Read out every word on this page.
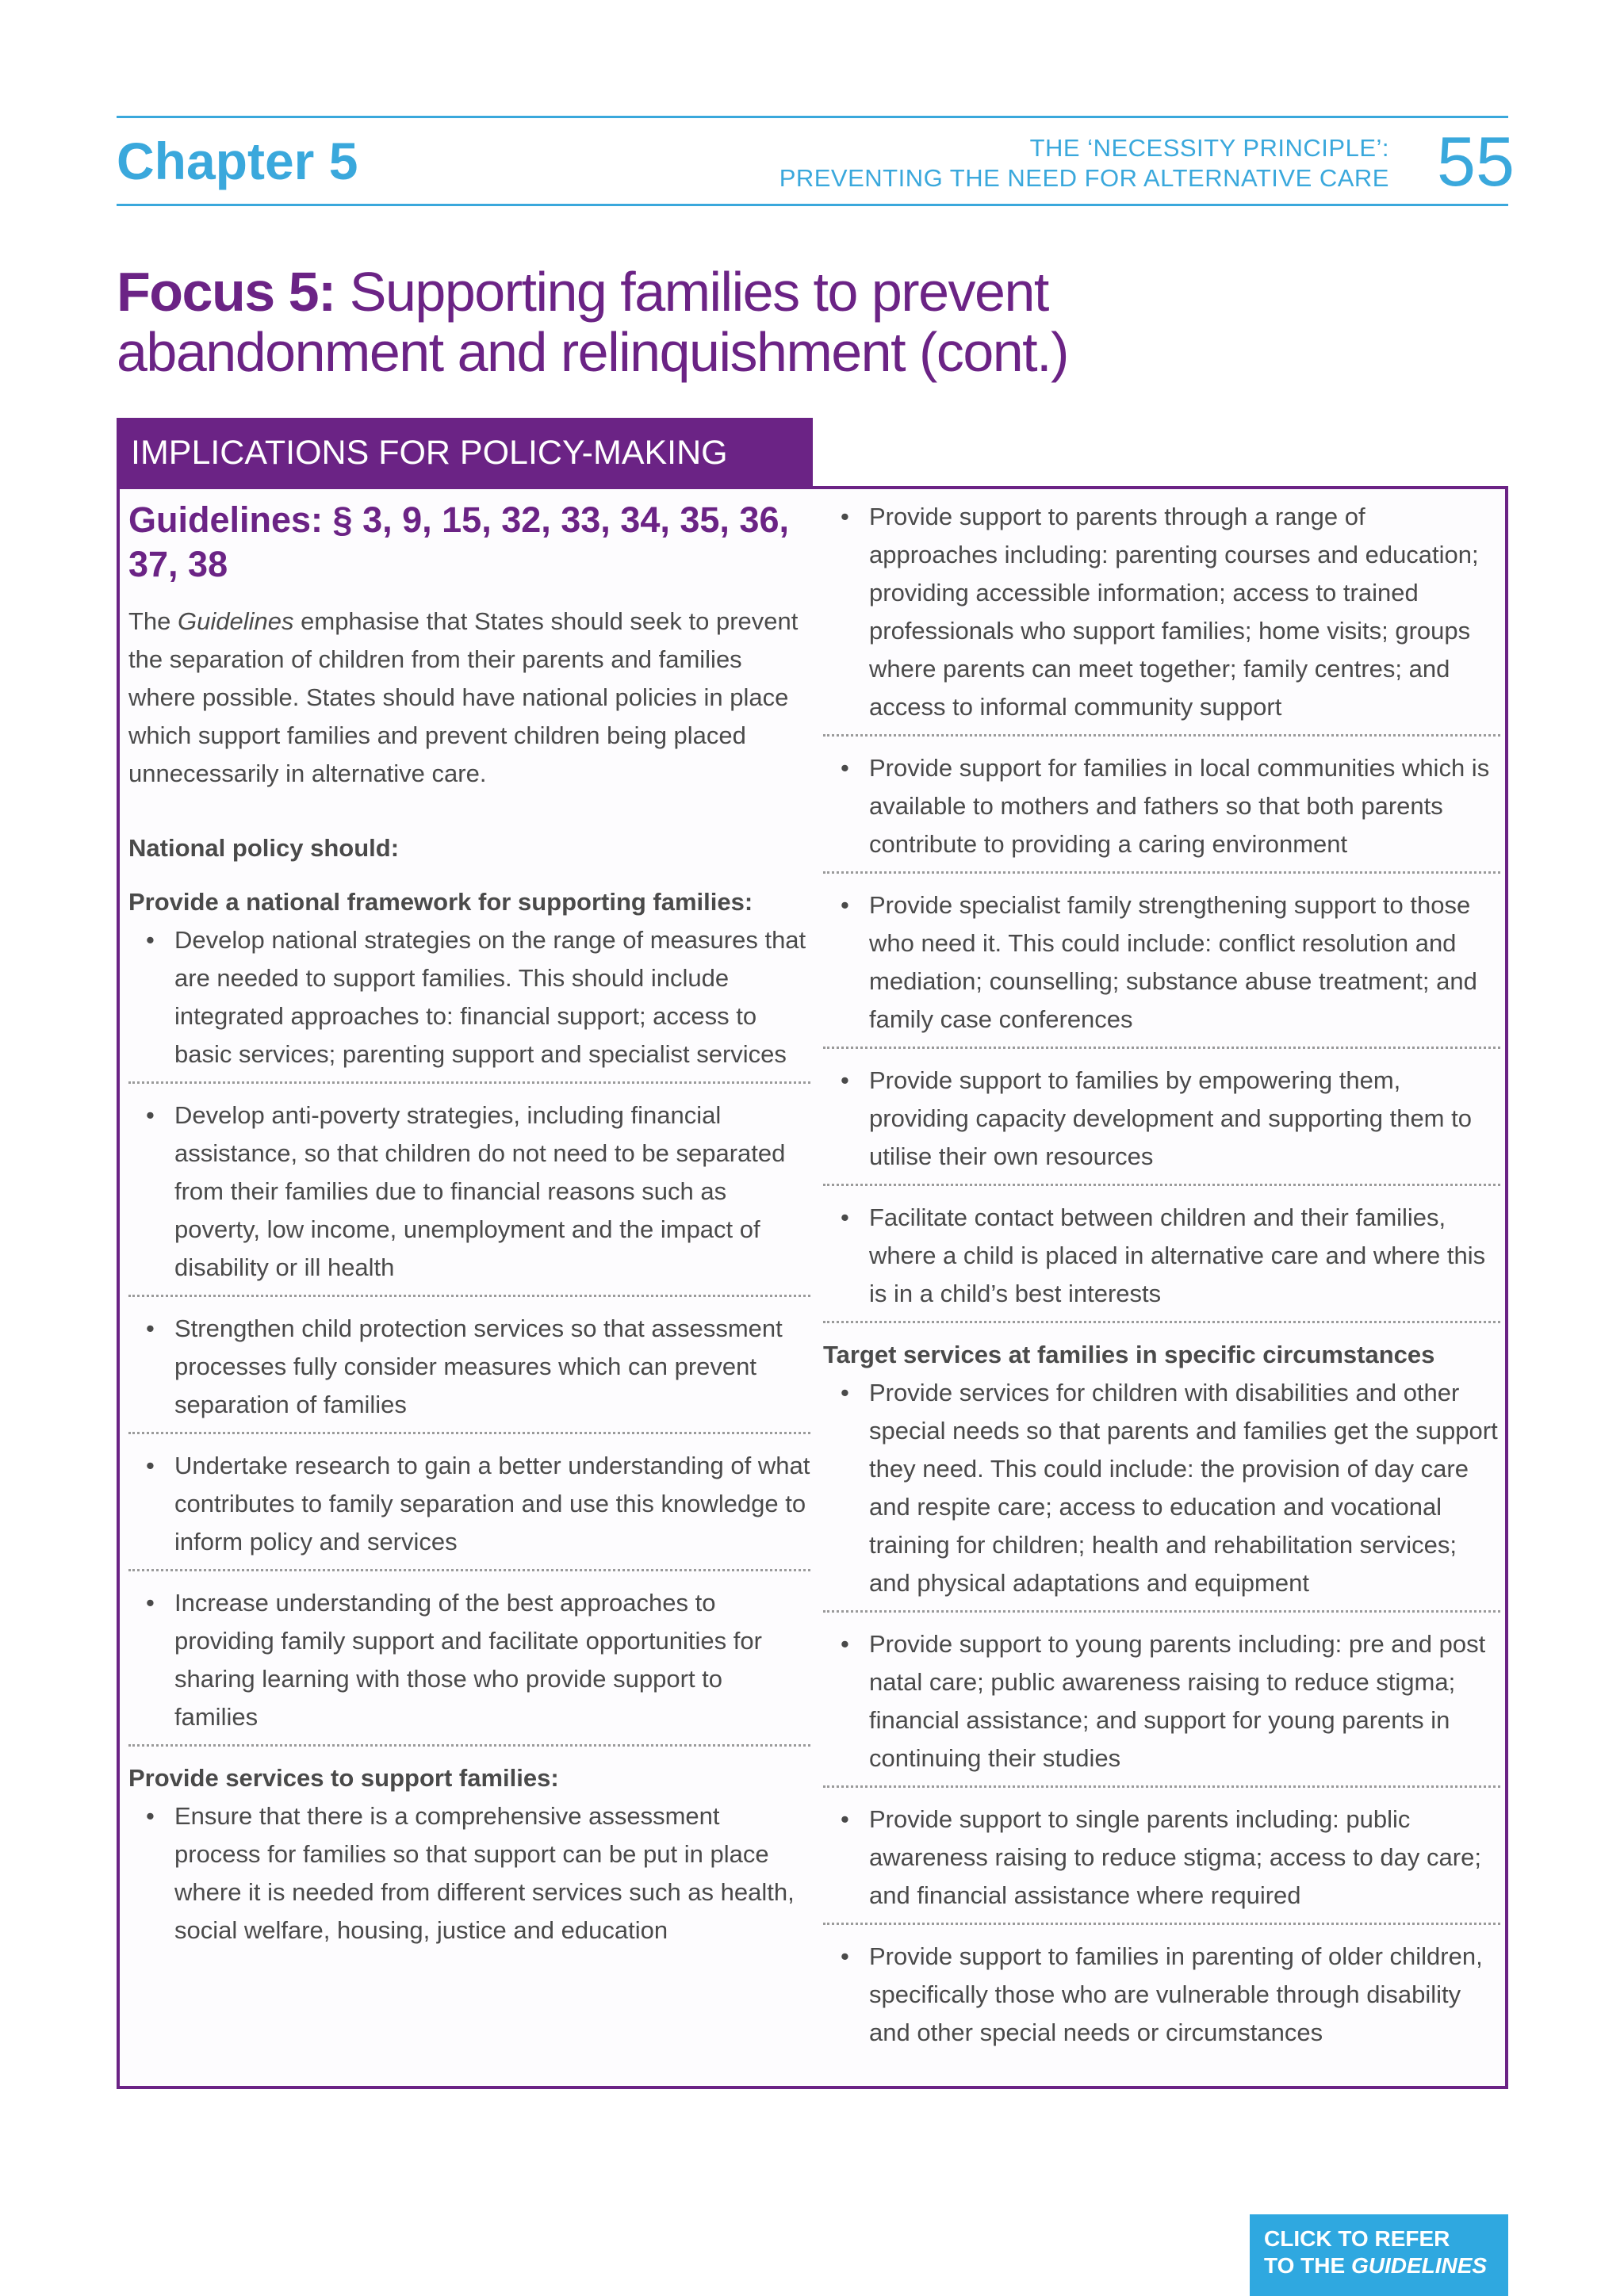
Chapter 5	THE ‘NECESSITY PRINCIPLE’:
PREVENTING THE NEED FOR ALTERNATIVE CARE 55
Focus 5: Supporting families to prevent
abandonment and relinquishment (cont.)
IMPLICATIONS FOR POLICY-MAKING
Guidelines: § 3, 9, 15, 32, 33, 34, 35, 36, 37, 38

The Guidelines emphasise that States should seek to prevent the separation of children from their parents and families where possible. States should have national policies in place which support families and prevent children being placed unnecessarily in alternative care.

National policy should:

Provide a national framework for supporting families:

• Develop national strategies on the range of measures that are needed to support families. This should include integrated approaches to: financial support; access to basic services; parenting support and specialist services
• Develop anti-poverty strategies, including financial assistance, so that children do not need to be separated from their families due to financial reasons such as poverty, low income, unemployment and the impact of disability or ill health
• Strengthen child protection services so that assessment processes fully consider measures which can prevent separation of families
• Undertake research to gain a better understanding of what contributes to family separation and use this knowledge to inform policy and services
• Increase understanding of the best approaches to providing family support and facilitate opportunities for sharing learning with those who provide support to families

Provide services to support families:

• Ensure that there is a comprehensive assessment process for families so that support can be put in place where it is needed from different services such as health, social welfare, housing, justice and education
• Provide support to parents through a range of approaches including: parenting courses and education; providing accessible information; access to trained professionals who support families; home visits; groups where parents can meet together; family centres; and access to informal community support
• Provide support for families in local communities which is available to mothers and fathers so that both parents contribute to providing a caring environment
• Provide specialist family strengthening support to those who need it. This could include: conflict resolution and mediation; counselling; substance abuse treatment; and family case conferences
• Provide support to families by empowering them, providing capacity development and supporting them to utilise their own resources
• Facilitate contact between children and their families, where a child is placed in alternative care and where this is in a child’s best interests

Target services at families in specific circumstances

• Provide services for children with disabilities and other special needs so that parents and families get the support they need. This could include: the provision of day care and respite care; access to education and vocational training for children; health and rehabilitation services; and physical adaptations and equipment
• Provide support to young parents including: pre and post natal care; public awareness raising to reduce stigma; financial assistance; and support for young parents in continuing their studies
• Provide support to single parents including: public awareness raising to reduce stigma; access to day care; and financial assistance where required
• Provide support to families in parenting of older children, specifically those who are vulnerable through disability and other special needs or circumstances
CLICK TO REFER
TO THE GUIDELINES
